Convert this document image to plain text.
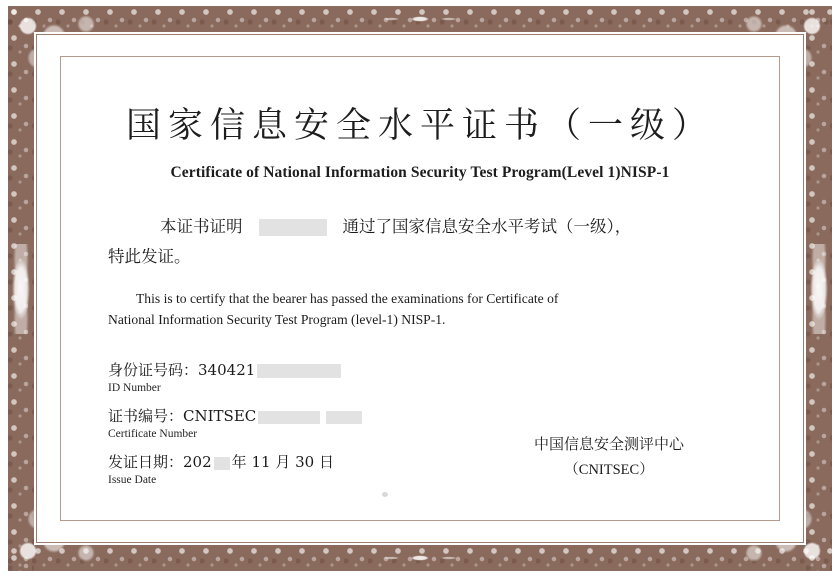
国家信息安全水平证书（一级）
Certificate of National Information Security Test Program(Level 1)NISP-1
本证书证明	通过了国家信息安全水平考试（一级），
特此发证。
This is to certify that the bearer has passed the examinations for Certificate of
National Information Security Test Program (level-1) NISP-1.
身份证号码：340421
ID Number
证书编号：CNITSEC
Certificate Number
发证日期：202 年 11 月 30 日
Issue Date
中国信息安全测评中心
（CNITSEC）
